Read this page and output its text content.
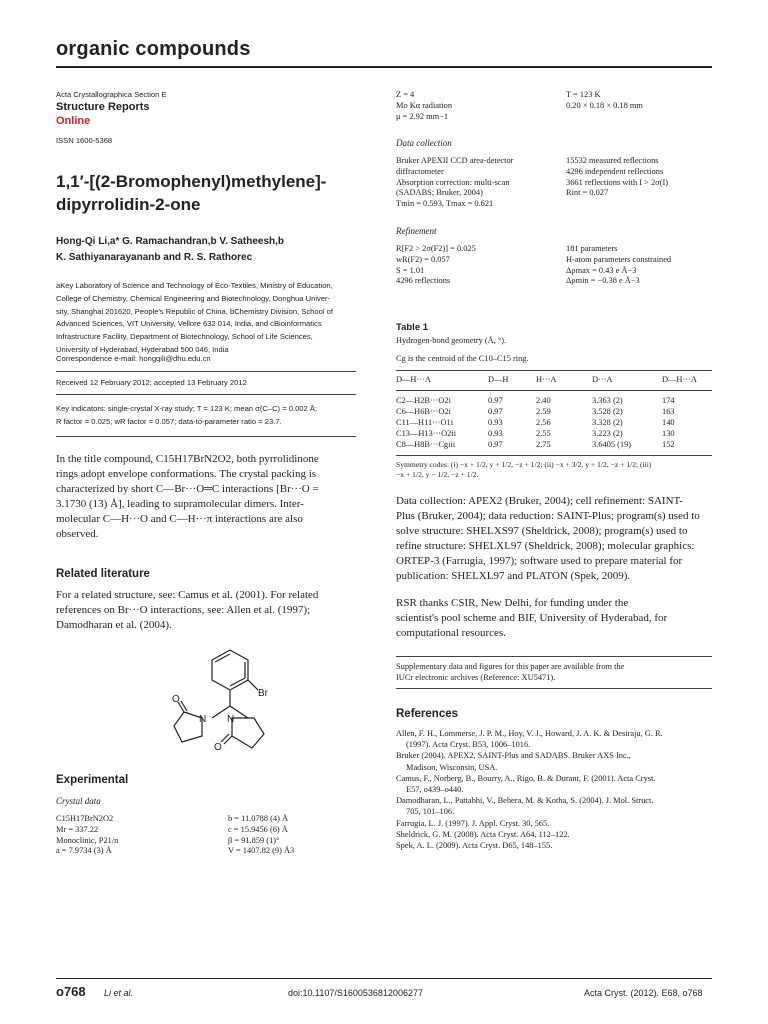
organic compounds
Acta Crystallographica Section E
Structure Reports
Online
ISSN 1600-5368
1,1′-[(2-Bromophenyl)methylene]-
dipyrrolidin-2-one
Hong-Qi Li,a* G. Ramachandran,b V. Satheesh,b
K. Sathiyanarayananb and R. S. Rathorec
aKey Laboratory of Science and Technology of Eco-Textiles, Ministry of Education,
College of Chemistry, Chemical Engineering and Biotechnology, Donghua Univer-
sity, Shanghai 201620, People's Republic of China, bChemistry Division, School of
Advanced Sciences, VIT University, Vellore 632 014, India, and cBioinformatics
Infrastructure Facility, Department of Biotechnology, School of Life Sciences,
University of Hyderabad, Hyderabad 500 046, India
Correspondence e-mail: hongqili@dhu.edu.cn
Received 12 February 2012; accepted 13 February 2012
Key indicators: single-crystal X-ray study; T = 123 K; mean σ(C–C) = 0.002 Å;
R factor = 0.025; wR factor = 0.057; data-to-parameter ratio = 23.7.
In the title compound, C15H17BrN2O2, both pyrrolidinone
rings adopt envelope conformations. The crystal packing is
characterized by short C—Br···O═C interactions [Br···O =
3.1730 (13) Å], leading to supramolecular dimers. Inter-
molecular C—H···O and C—H···π interactions are also
observed.
Related literature
For a related structure, see: Camus et al. (2001). For related
references on Br···O interactions, see: Allen et al. (1997);
Damodharan et al. (2004).
Br
N N
O
O
Experimental
Crystal data
C15H17BrN2O2
Mr = 337.22
Monoclinic, P21/n
a = 7.9734 (3) Å
b = 11.0788 (4) Å
c = 15.9456 (6) Å
β = 91.859 (1)°
V = 1407.82 (9) Å3
Z = 4
Mo Kα radiation
μ = 2.92 mm−1
T = 123 K
0.20 × 0.18 × 0.18 mm
Data collection
Bruker APEXII CCD area-detector
diffractometer
Absorption correction: multi-scan
(SADABS; Bruker, 2004)
Tmin = 0.593, Tmax = 0.621
15532 measured reflections
4296 independent reflections
3661 reflections with I > 2σ(I)
Rint = 0.027
Refinement
R[F2 > 2σ(F2)] = 0.025
wR(F2) = 0.057
S = 1.01
4296 reflections
181 parameters
H-atom parameters constrained
Δρmax = 0.43 e Å−3
Δρmin = −0.38 e Å−3
Table 1
Hydrogen-bond geometry (Å, °).
Cg is the centroid of the C10–C15 ring.
D—H···A	D—H	H···A	D···A	D—H···A
C2—H2B···O2i	0.97	2.40	3.363 (2)	174
C6—H6B···O2i	0.97	2.59	3.528 (2)	163
C11—H11···O1i	0.93	2.56	3.328 (2)	140
C13—H13···O2ii	0.93	2.55	3.223 (2)	130
C8—H8B···Cgiii	0.97	2.75	3.6405 (19)	152
Symmetry codes: (i) −x + 1/2, y + 1/2, −z + 1/2; (ii) −x + 3/2, y + 1/2, −z + 1/2; (iii)
−x + 1/2, y − 1/2, −z + 1/2.
Data collection: APEX2 (Bruker, 2004); cell refinement: SAINT-
Plus (Bruker, 2004); data reduction: SAINT-Plus; program(s) used to
solve structure: SHELXS97 (Sheldrick, 2008); program(s) used to
refine structure: SHELXL97 (Sheldrick, 2008); molecular graphics:
ORTEP-3 (Farrugia, 1997); software used to prepare material for
publication: SHELXL97 and PLATON (Spek, 2009).
RSR thanks CSIR, New Delhi, for funding under the
scientist's pool scheme and BIF, University of Hyderabad, for
computational resources.
Supplementary data and figures for this paper are available from the
IUCr electronic archives (Reference: XU5471).
References
Allen, F. H., Lommerse, J. P. M., Hoy, V. J., Howard, J. A. K. & Desiraju, G. R.
(1997). Acta Cryst. B53, 1006–1016.
Bruker (2004). APEX2, SAINT-Plus and SADABS. Bruker AXS Inc.,
Madison, Wisconsin, USA.
Camus, F., Norberg, B., Bourry, A., Rigo, B. & Durant, F. (2001). Acta Cryst.
E57, o439–o440.
Damodharan, L., Pattabhi, V., Behera, M. & Kotha, S. (2004). J. Mol. Struct.
705, 101–106.
Farrugia, L. J. (1997). J. Appl. Cryst. 30, 565.
Sheldrick, G. M. (2008). Acta Cryst. A64, 112–122.
Spek, A. L. (2009). Acta Cryst. D65, 148–155.
o768 Li et al.	doi:10.1107/S1600536812006277	Acta Cryst. (2012). E68, o768
